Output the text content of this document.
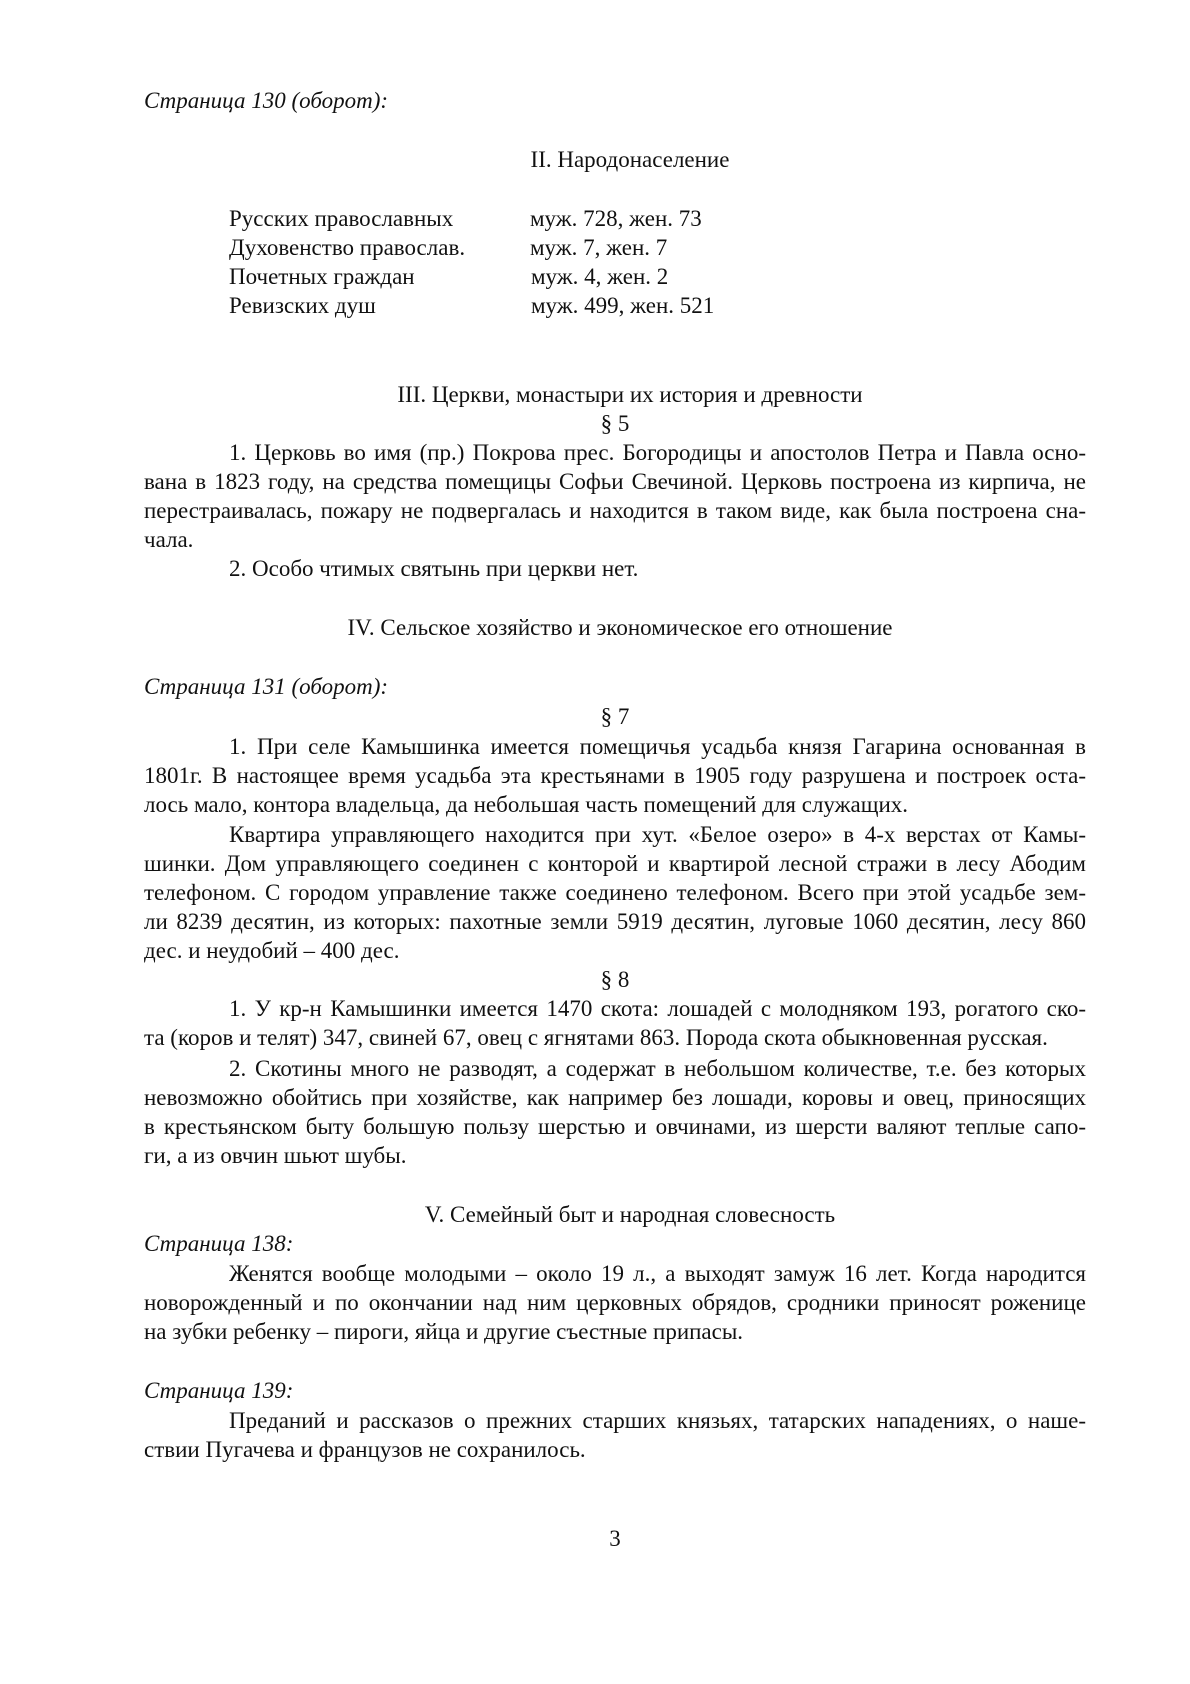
Страница 130 (оборот):
II. Народонаселение
Русских православных	муж. 728, жен. 73
Духовенство православ.	муж. 7, жен. 7
Почетных граждан	муж. 4, жен. 2
Ревизских душ	муж. 499, жен. 521
III. Церкви, монастыри их история и древности
§ 5
1. Церковь во имя (пр.) Покрова прес. Богородицы и апостолов Петра и Павла осно-
вана в 1823 году, на средства помещицы Софьи Свечиной. Церковь построена из кирпича, не
перестраивалась, пожару не подвергалась и находится в таком виде, как была построена сна-
чала.
2. Особо чтимых святынь при церкви нет.
IV. Сельское хозяйство и экономическое его отношение
Страница 131 (оборот):
§ 7
1. При селе Камышинка имеется помещичья усадьба князя Гагарина основанная в
1801г. В настоящее время усадьба эта крестьянами в 1905 году разрушена и построек оста-
лось мало, контора владельца, да небольшая часть помещений для служащих.
Квартира управляющего находится при хут. «Белое озеро» в 4-х верстах от Камы-
шинки. Дом управляющего соединен с конторой и квартирой лесной стражи в лесу Абодим
телефоном. С городом управление также соединено телефоном. Всего при этой усадьбе зем-
ли 8239 десятин, из которых: пахотные земли 5919 десятин, луговые 1060 десятин, лесу 860
дес. и неудобий – 400 дес.
§ 8
1. У кр-н Камышинки имеется 1470 скота: лошадей с молодняком 193, рогатого ско-
та (коров и телят) 347, свиней 67, овец с ягнятами 863. Порода скота обыкновенная русская.
2. Скотины много не разводят, а содержат в небольшом количестве, т.е. без которых
невозможно обойтись при хозяйстве, как например без лошади, коровы и овец, приносящих
в крестьянском быту большую пользу шерстью и овчинами, из шерсти валяют теплые сапо-
ги, а из овчин шьют шубы.
V. Семейный быт и народная словесность
Страница 138:
Женятся вообще молодыми – около 19 л., а выходят замуж 16 лет. Когда народится
новорожденный и по окончании над ним церковных обрядов, сродники приносят роженице
на зубки ребенку – пироги, яйца и другие съестные припасы.
Страница 139:
Преданий и рассказов о прежних старших князьях, татарских нападениях, о наше-
ствии Пугачева и французов не сохранилось.
3
